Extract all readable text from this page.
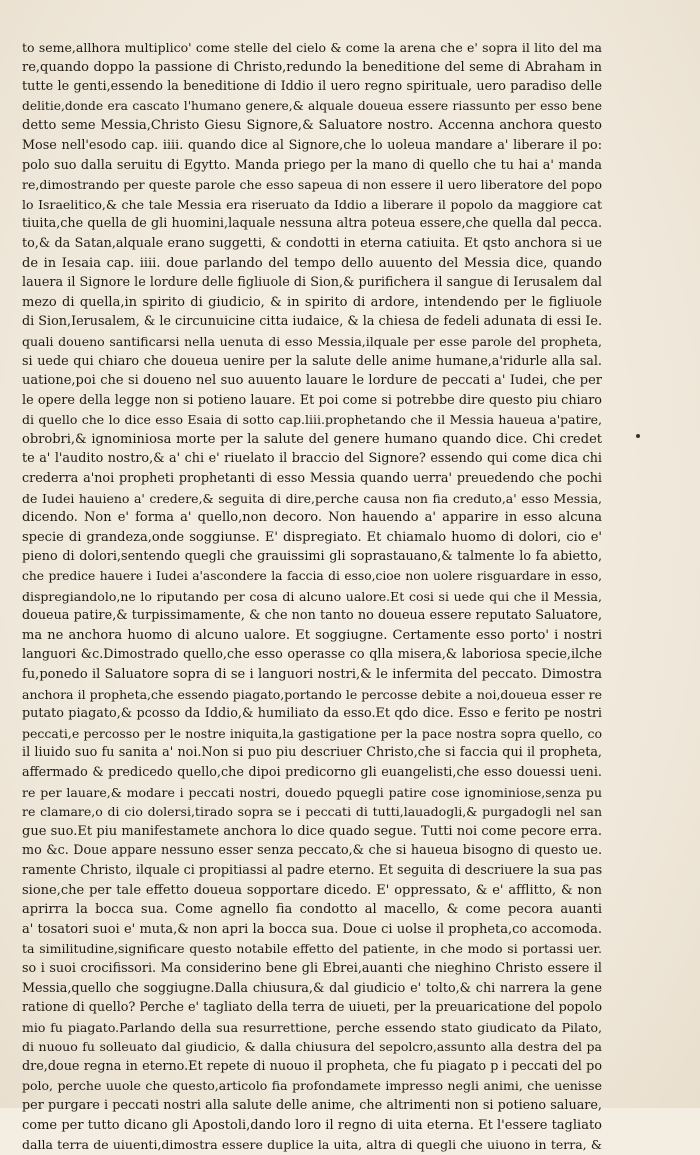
to seme,allhora multiplico' come stelle del cielo & come la arena che e' sopra il lito del ma
re,quando doppo la passione di Christo,redundo la beneditione del seme di Abraham in
tutte le genti,essendo la beneditione di Iddio il uero regno spirituale, uero paradiso delle
delitie,donde era cascato l'humano genere,& alquale doueua essere riassunto per esso bene
detto seme Messia,Christo Giesu Signore,& Saluatore nostro. Accenna anchora questo
Mose nell'esodo cap. iiii. quando dice al Signore,che lo uoleua mandare a' liberare il po:
polo suo dalla seruitu di Egytto. Manda priego per la mano di quello che tu hai a' manda
re,dimostrando per queste parole che esso sapeua di non essere il uero liberatore del popo
lo Israelitico,& che tale Messia era riseruato da Iddio a liberare il popolo da maggiore cat
tiuita,che quella de gli huomini,laquale nessuna altra poteua essere,che quella dal pecca.
to,& da Satan,alquale erano suggetti, & condotti in eterna catiuita. Et qsto anchora si ue
de in Iesaia cap. iiii. doue parlando del tempo dello auuento del Messia dice, quando
lauera il Signore le lordure delle figliuole di Sion,& purifichera il sangue di Ierusalem dal
mezo di quella,in spirito di giudicio, & in spirito di ardore, intendendo per le figliuole
di Sion,Ierusalem, & le circunuicine citta iudaice, & la chiesa de fedeli adunata di essi Ie.
quali doueno santificarsi nella uenuta di esso Messia,ilquale per esse parole del propheta,
si uede qui chiaro che doueua uenire per la salute delle anime humane,a'ridurle alla sal.
uatione,poi che si doueno nel suo auuento lauare le lordure de peccati a' Iudei, che per
le opere della legge non si potieno lauare. Et poi come si potrebbe dire questo piu chiaro
di quello che lo dice esso Esaia di sotto cap.liii.prophetando che il Messia haueua a'patire,
obrobri,& ignominiosa morte per la salute del genere humano quando dice. Chi credet
te a' l'audito nostro,& a' chi e' riuelato il braccio del Signore? essendo qui come dica chi
crederra a'noi propheti prophetanti di esso Messia quando uerra' preuedendo che pochi
de Iudei hauieno a' credere,& seguita di dire,perche causa non fia creduto,a' esso Messia,
dicendo. Non e' forma a' quello,non decoro. Non hauendo a' apparire in esso alcuna
specie di grandeza,onde soggiunse. E' dispregiato. Et chiamalo huomo di dolori, cio e'
pieno di dolori,sentendo quegli che grauissimi gli soprastauano,& talmente lo fa abietto,
che predice hauere i Iudei a'ascondere la faccia di esso,cioe non uolere risguardare in esso,
dispregiandolo,ne lo riputando per cosa di alcuno ualore.Et cosi si uede qui che il Messia,
doueua patire,& turpissimamente, & che non tanto no doueua essere reputato Saluatore,
ma ne anchora huomo di alcuno ualore. Et soggiugne. Certamente esso porto' i nostri
languori &c.Dimostrado quello,che esso operasse co qlla misera,& laboriosa specie,ilche
fu,ponedo il Saluatore sopra di se i languori nostri,& le infermita del peccato. Dimostra
anchora il propheta,che essendo piagato,portando le percosse debite a noi,doueua esser re
putato piagato,& pcosso da Iddio,& humiliato da esso.Et qdo dice. Esso e ferito pe nostri
peccati,e percosso per le nostre iniquita,la gastigatione per la pace nostra sopra quello, co
il liuido suo fu sanita a' noi.Non si puo piu descriuer Christo,che si faccia qui il propheta,
affermado & predicedo quello,che dipoi predicorno gli euangelisti,che esso douessi ueni.
re per lauare,& modare i peccati nostri, douedo pquegli patire cose ignominiose,senza pu
re clamare,o di cio dolersi,tirado sopra se i peccati di tutti,lauadogli,& purgadogli nel san
gue suo.Et piu manifestamete anchora lo dice quado segue. Tutti noi come pecore erra.
mo &c. Doue appare nessuno esser senza peccato,& che si haueua bisogno di questo ue.
ramente Christo, ilquale ci propitiassi al padre eterno. Et seguita di descriuere la sua pas
sione,che per tale effetto doueua sopportare dicedo. E' oppressato, & e' afflitto, & non
aprirra la bocca sua. Come agnello fia condotto al macello, & come pecora auanti
a' tosatori suoi e' muta,& non apri la bocca sua. Doue ci uolse il propheta,co accomoda.
ta similitudine,significare questo notabile effetto del patiente, in che modo si portassi uer.
so i suoi crocifissori. Ma considerino bene gli Ebrei,auanti che nieghino Christo essere il
Messia,quello che soggiugne.Dalla chiusura,& dal giudicio e' tolto,& chi narrera la gene
ratione di quello? Perche e' tagliato della terra de uiueti, per la preuaricatione del popolo
mio fu piagato.Parlando della sua resurrettione, perche essendo stato giudicato da Pilato,
di nuouo fu solleuato dal giudicio, & dalla chiusura del sepolcro,assunto alla destra del pa
dre,doue regna in eterno.Et repete di nuouo il propheta, che fu piagato p i peccati del po
polo, perche uuole che questo,articolo fia profondamete impresso negli animi, che uenisse
per purgare i peccati nostri alla salute delle anime, che altrimenti non si potieno saluare,
come per tutto dicano gli Apostoli,dando loro il regno di uita eterna. Et l'essere tagliato
dalla terra de uiuenti,dimostra essere duplice la uita, altra di quegli che uiuono in terra, &
